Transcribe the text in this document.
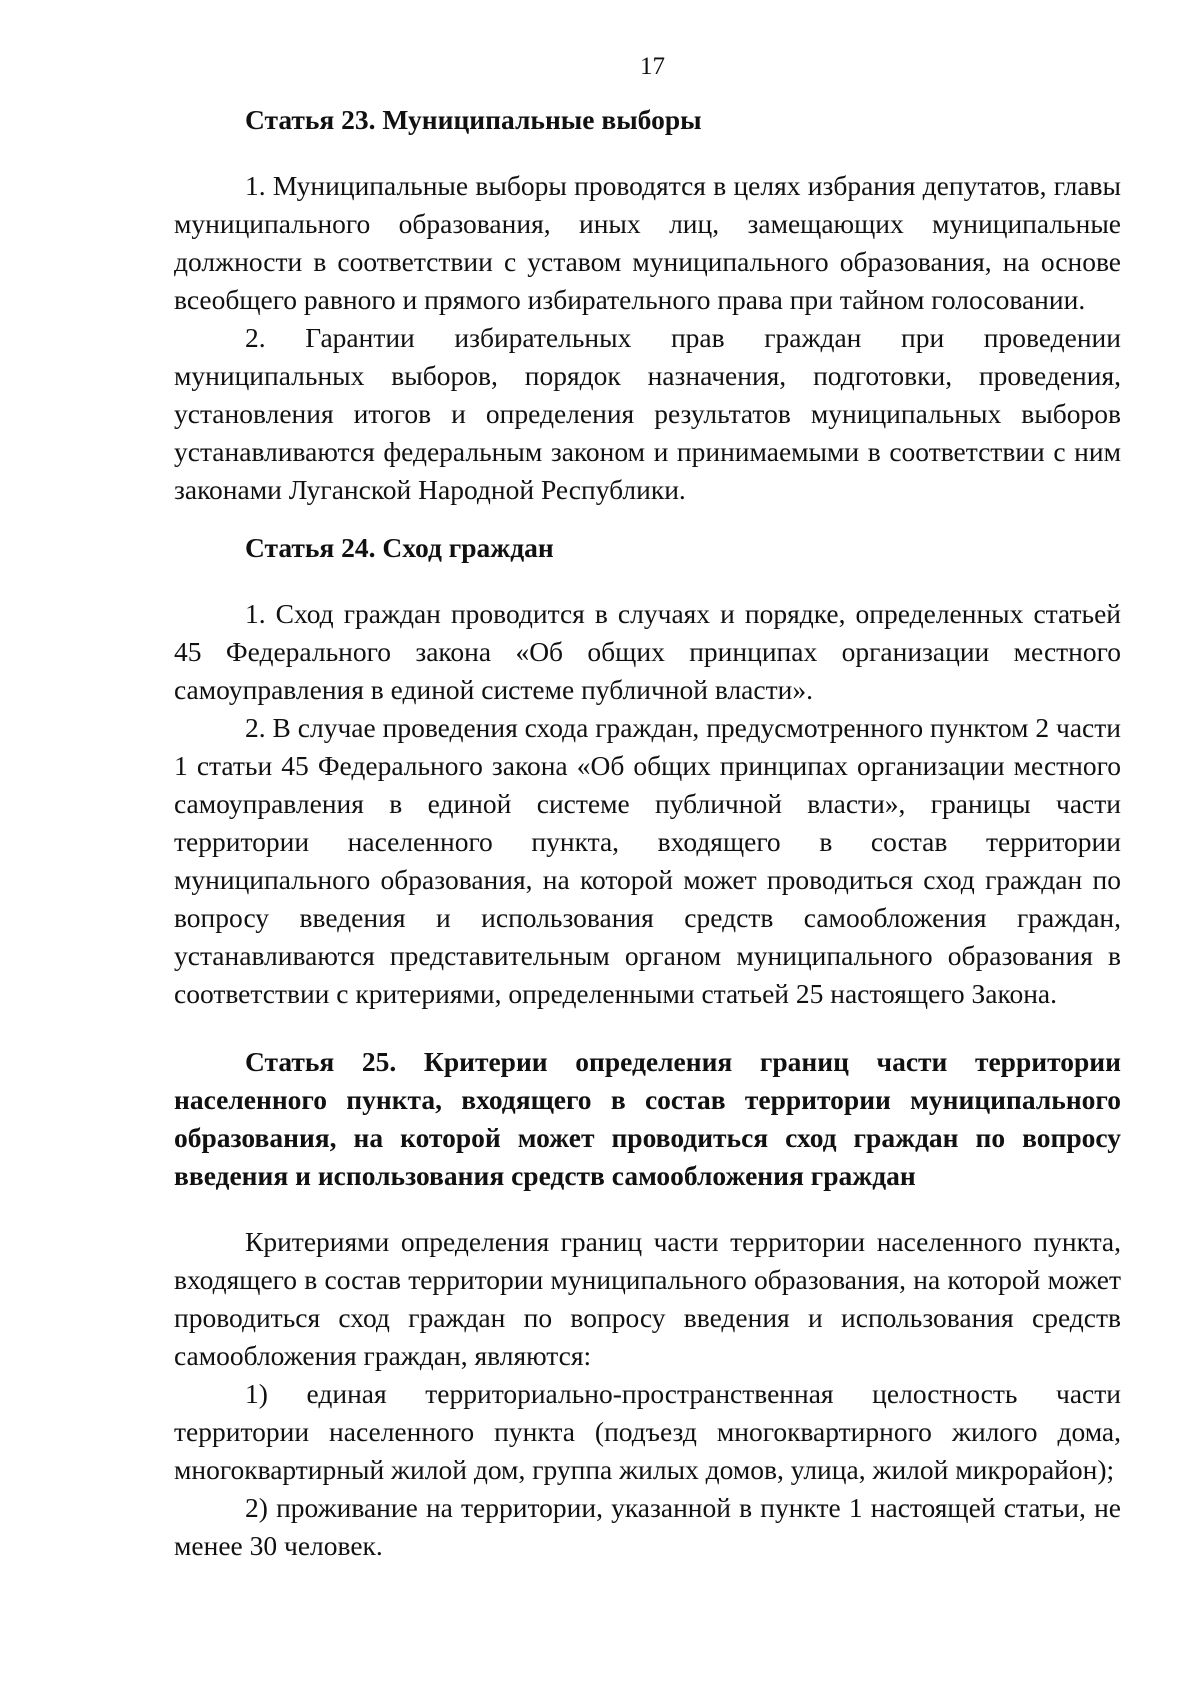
17
Статья 23. Муниципальные выборы

1. Муниципальные выборы проводятся в целях избрания депутатов, главы муниципального образования, иных лиц, замещающих муниципальные должности в соответствии с уставом муниципального образования, на основе всеобщего равного и прямого избирательного права при тайном голосовании.

2. Гарантии избирательных прав граждан при проведении муниципальных выборов, порядок назначения, подготовки, проведения, установления итогов и определения результатов муниципальных выборов устанавливаются федеральным законом и принимаемыми в соответствии с ним законами Луганской Народной Республики.

Статья 24. Сход граждан

1. Сход граждан проводится в случаях и порядке, определенных статьей 45 Федерального закона «Об общих принципах организации местного самоуправления в единой системе публичной власти».

2. В случае проведения схода граждан, предусмотренного пунктом 2 части 1 статьи 45 Федерального закона «Об общих принципах организации местного самоуправления в единой системе публичной власти», границы части территории населенного пункта, входящего в состав территории муниципального образования, на которой может проводиться сход граждан по вопросу введения и использования средств самообложения граждан, устанавливаются представительным органом муниципального образования в соответствии с критериями, определенными статьей 25 настоящего Закона.

Статья 25. Критерии определения границ части территории населенного пункта, входящего в состав территории муниципального образования, на которой может проводиться сход граждан по вопросу введения и использования средств самообложения граждан

Критериями определения границ части территории населенного пункта, входящего в состав территории муниципального образования, на которой может проводиться сход граждан по вопросу введения и использования средств самообложения граждан, являются:

1) единая территориально-пространственная целостность части территории населенного пункта (подъезд многоквартирного жилого дома, многоквартирный жилой дом, группа жилых домов, улица, жилой микрорайон);

2) проживание на территории, указанной в пункте 1 настоящей статьи, не менее 30 человек.
